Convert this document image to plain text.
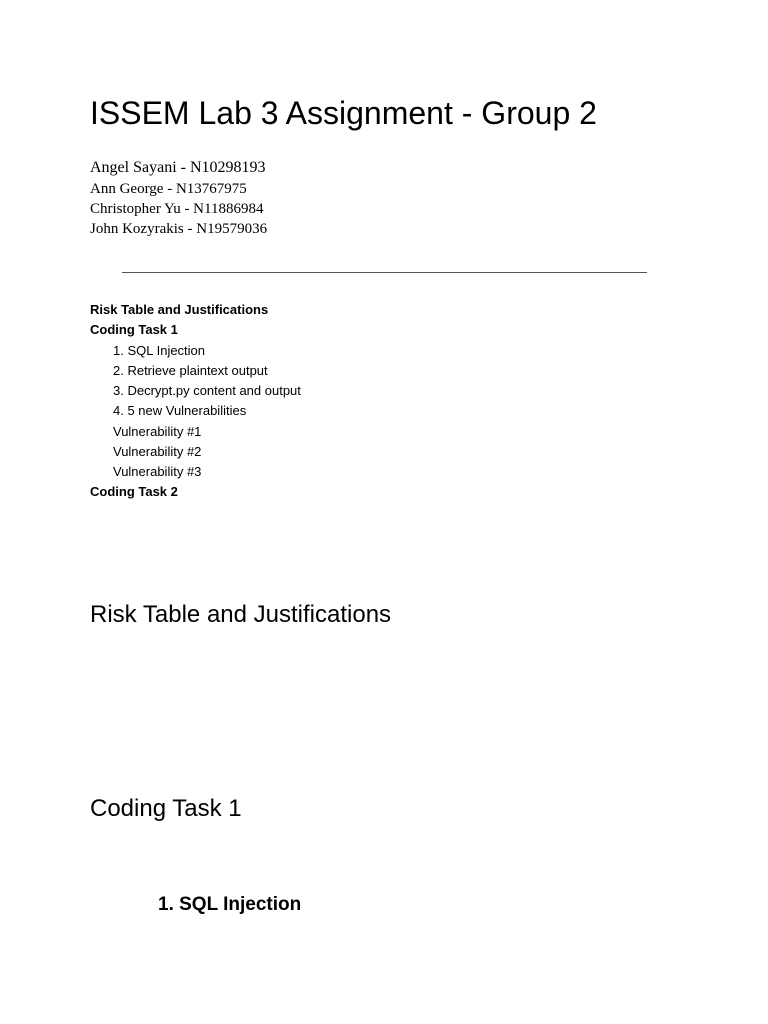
ISSEM Lab 3 Assignment - Group 2
Angel Sayani - N10298193
Ann George - N13767975
Christopher Yu - N11886984
John Kozyrakis - N19579036
Risk Table and Justifications
Coding Task 1
1. SQL Injection
2. Retrieve plaintext output
3. Decrypt.py content and output
4. 5 new Vulnerabilities
Vulnerability #1
Vulnerability #2
Vulnerability #3
Coding Task 2
Risk Table and Justifications
Coding Task 1
1. SQL Injection
